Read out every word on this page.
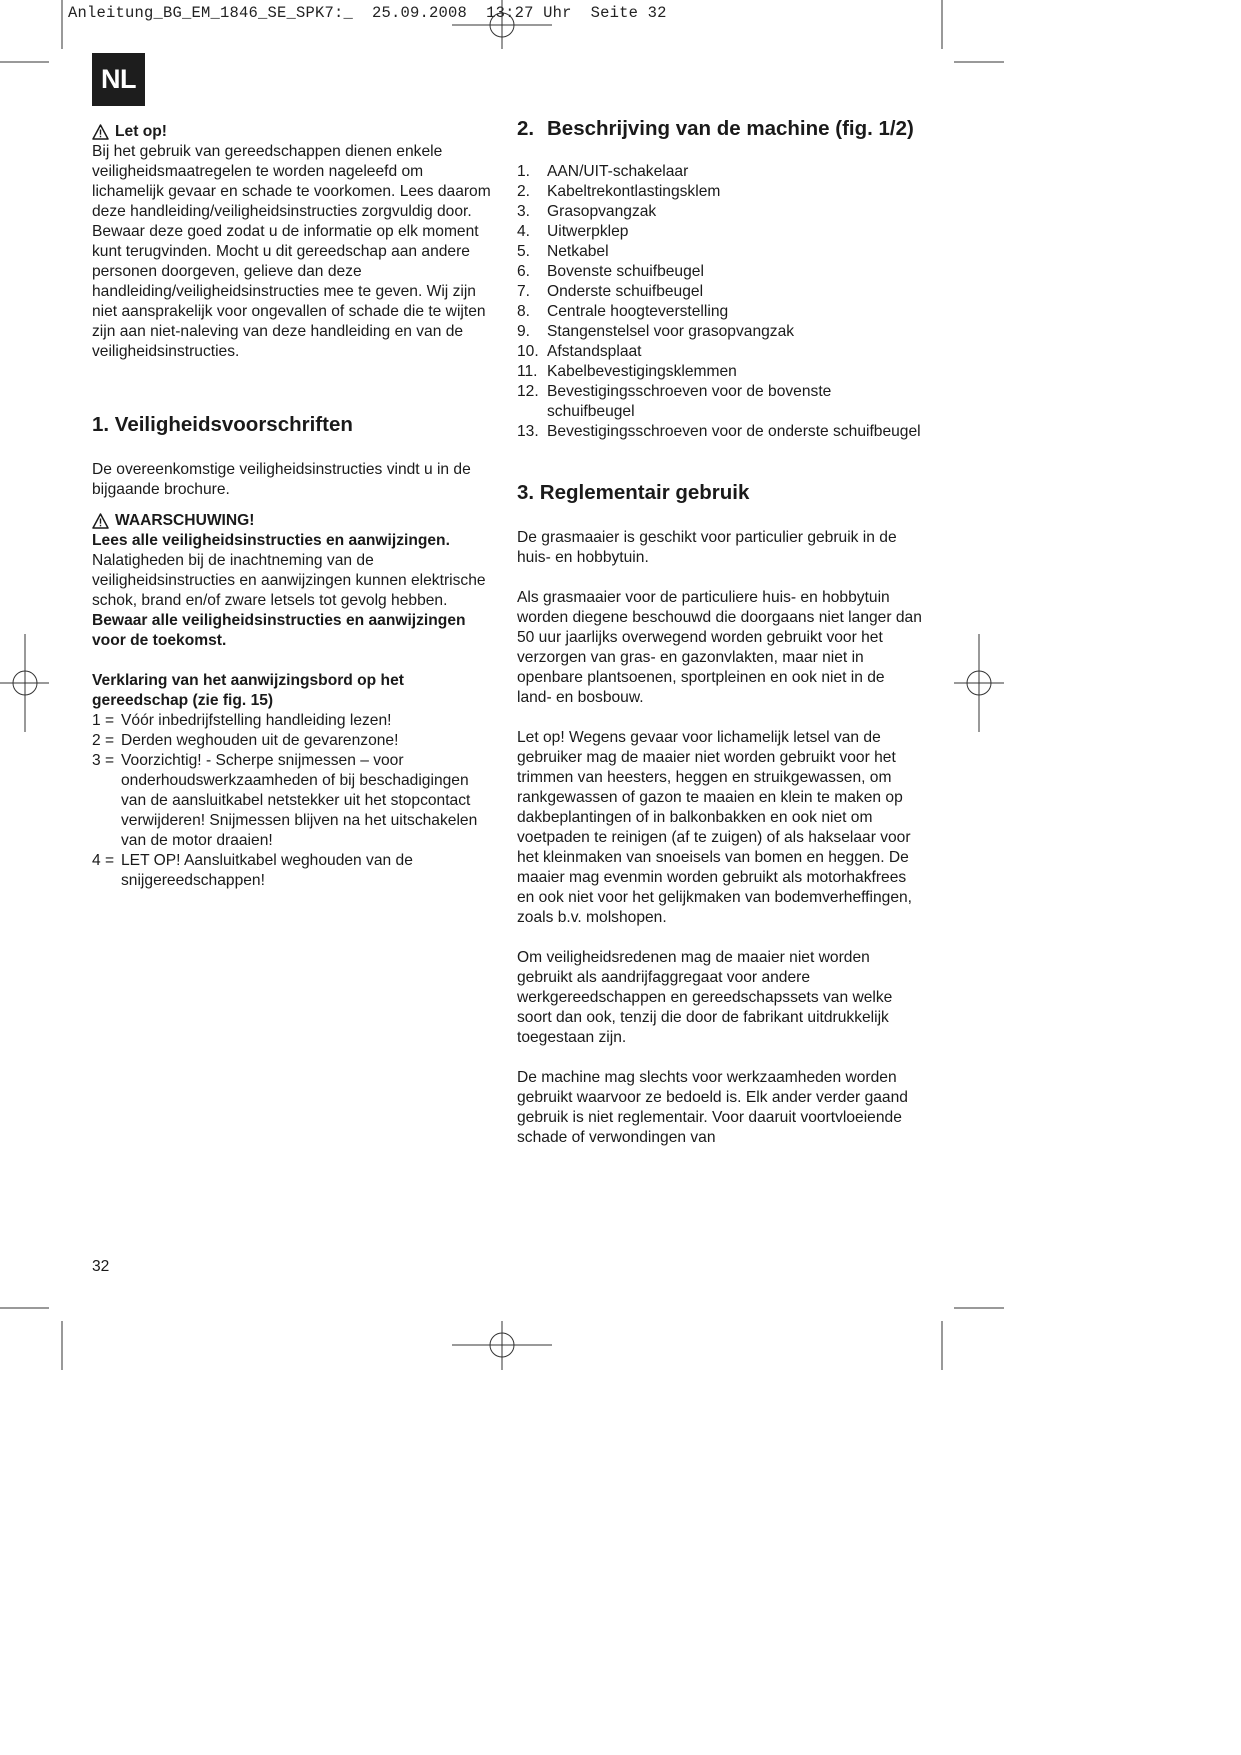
Anleitung_BG_EM_1846_SE_SPK7:_  25.09.2008  13:27 Uhr  Seite 32
NL
Let op!

Bij het gebruik van gereedschappen dienen enkele veiligheidsmaatregelen te worden nageleefd om lichamelijk gevaar en schade te voorkomen. Lees daarom deze handleiding/veiligheidsinstructies zorgvuldig door. Bewaar deze goed zodat u de informatie op elk moment kunt terugvinden. Mocht u dit gereedschap aan andere personen doorgeven, gelieve dan deze handleiding/veiligheidsinstructies mee te geven. Wij zijn niet aansprakelijk voor ongevallen of schade die te wijten zijn aan niet-naleving van deze handleiding en van de veiligheidsinstructies.

1. Veiligheidsvoorschriften

De overeenkomstige veiligheidsinstructies vindt u in de bijgaande brochure.

WAARSCHUWING!

Lees alle veiligheidsinstructies en aanwijzingen.

Nalatigheden bij de inachtneming van de veiligheidsinstructies en aanwijzingen kunnen elektrische schok, brand en/of zware letsels tot gevolg hebben.

Bewaar alle veiligheidsinstructies en aanwijzingen voor de toekomst.

Verklaring van het aanwijzingsbord op het gereedschap (zie fig. 15)

1 = Vóór inbedrijfstelling handleiding lezen!
2 = Derden weghouden uit de gevarenzone!
3 = Voorzichtig! - Scherpe snijmessen – voor onderhoudswerkzaamheden of bij beschadigingen van de aansluitkabel netstekker uit het stopcontact verwijderen! Snijmessen blijven na het uitschakelen van de motor draaien!
4 = LET OP! Aansluitkabel weghouden van de snijgereedschappen!
2. Beschrijving van de machine (fig. 1/2)
1.	AAN/UIT-schakelaar
2.	Kabeltrekontlastingsklem
3.	Grasopvangzak
4.	Uitwerpklep
5.	Netkabel
6.	Bovenste schuifbeugel
7.	Onderste schuifbeugel
8.	Centrale hoogteverstelling
9.	Stangenstelsel voor grasopvangzak
10. Afstandsplaat
11. Kabelbevestigingsklemmen
12. Bevestigingsschroeven voor de bovenste schuifbeugel
13. Bevestigingsschroeven voor de onderste schuifbeugel
3. Reglementair gebruik

De grasmaaier is geschikt voor particulier gebruik in de huis- en hobbytuin.

Als grasmaaier voor de particuliere huis- en hobbytuin worden diegene beschouwd die doorgaans niet langer dan 50 uur jaarlijks overwegend worden gebruikt voor het verzorgen van gras- en gazonvlakten, maar niet in openbare plantsoenen, sportpleinen en ook niet in de land- en bosbouw.

Let op! Wegens gevaar voor lichamelijk letsel van de gebruiker mag de maaier niet worden gebruikt voor het trimmen van heesters, heggen en struikgewassen, om rankgewassen of gazon te maaien en klein te maken op dakbeplantingen of in balkonbakken en ook niet om voetpaden te reinigen (af te zuigen) of als hakselaar voor het kleinmaken van snoeisels van bomen en heggen. De maaier mag evenmin worden gebruikt als motorhakfrees en ook niet voor het gelijkmaken van bodemverheffingen, zoals b.v. molshopen.

Om veiligheidsredenen mag de maaier niet worden gebruikt als aandrijfaggregaat voor andere werkgereedschappen en gereedschapssets van welke soort dan ook, tenzij die door de fabrikant uitdrukkelijk toegestaan zijn.

De machine mag slechts voor werkzaamheden worden gebruikt waarvoor ze bedoeld is. Elk ander verder gaand gebruik is niet reglementair. Voor daaruit voortvloeiende schade of verwondingen van

32
